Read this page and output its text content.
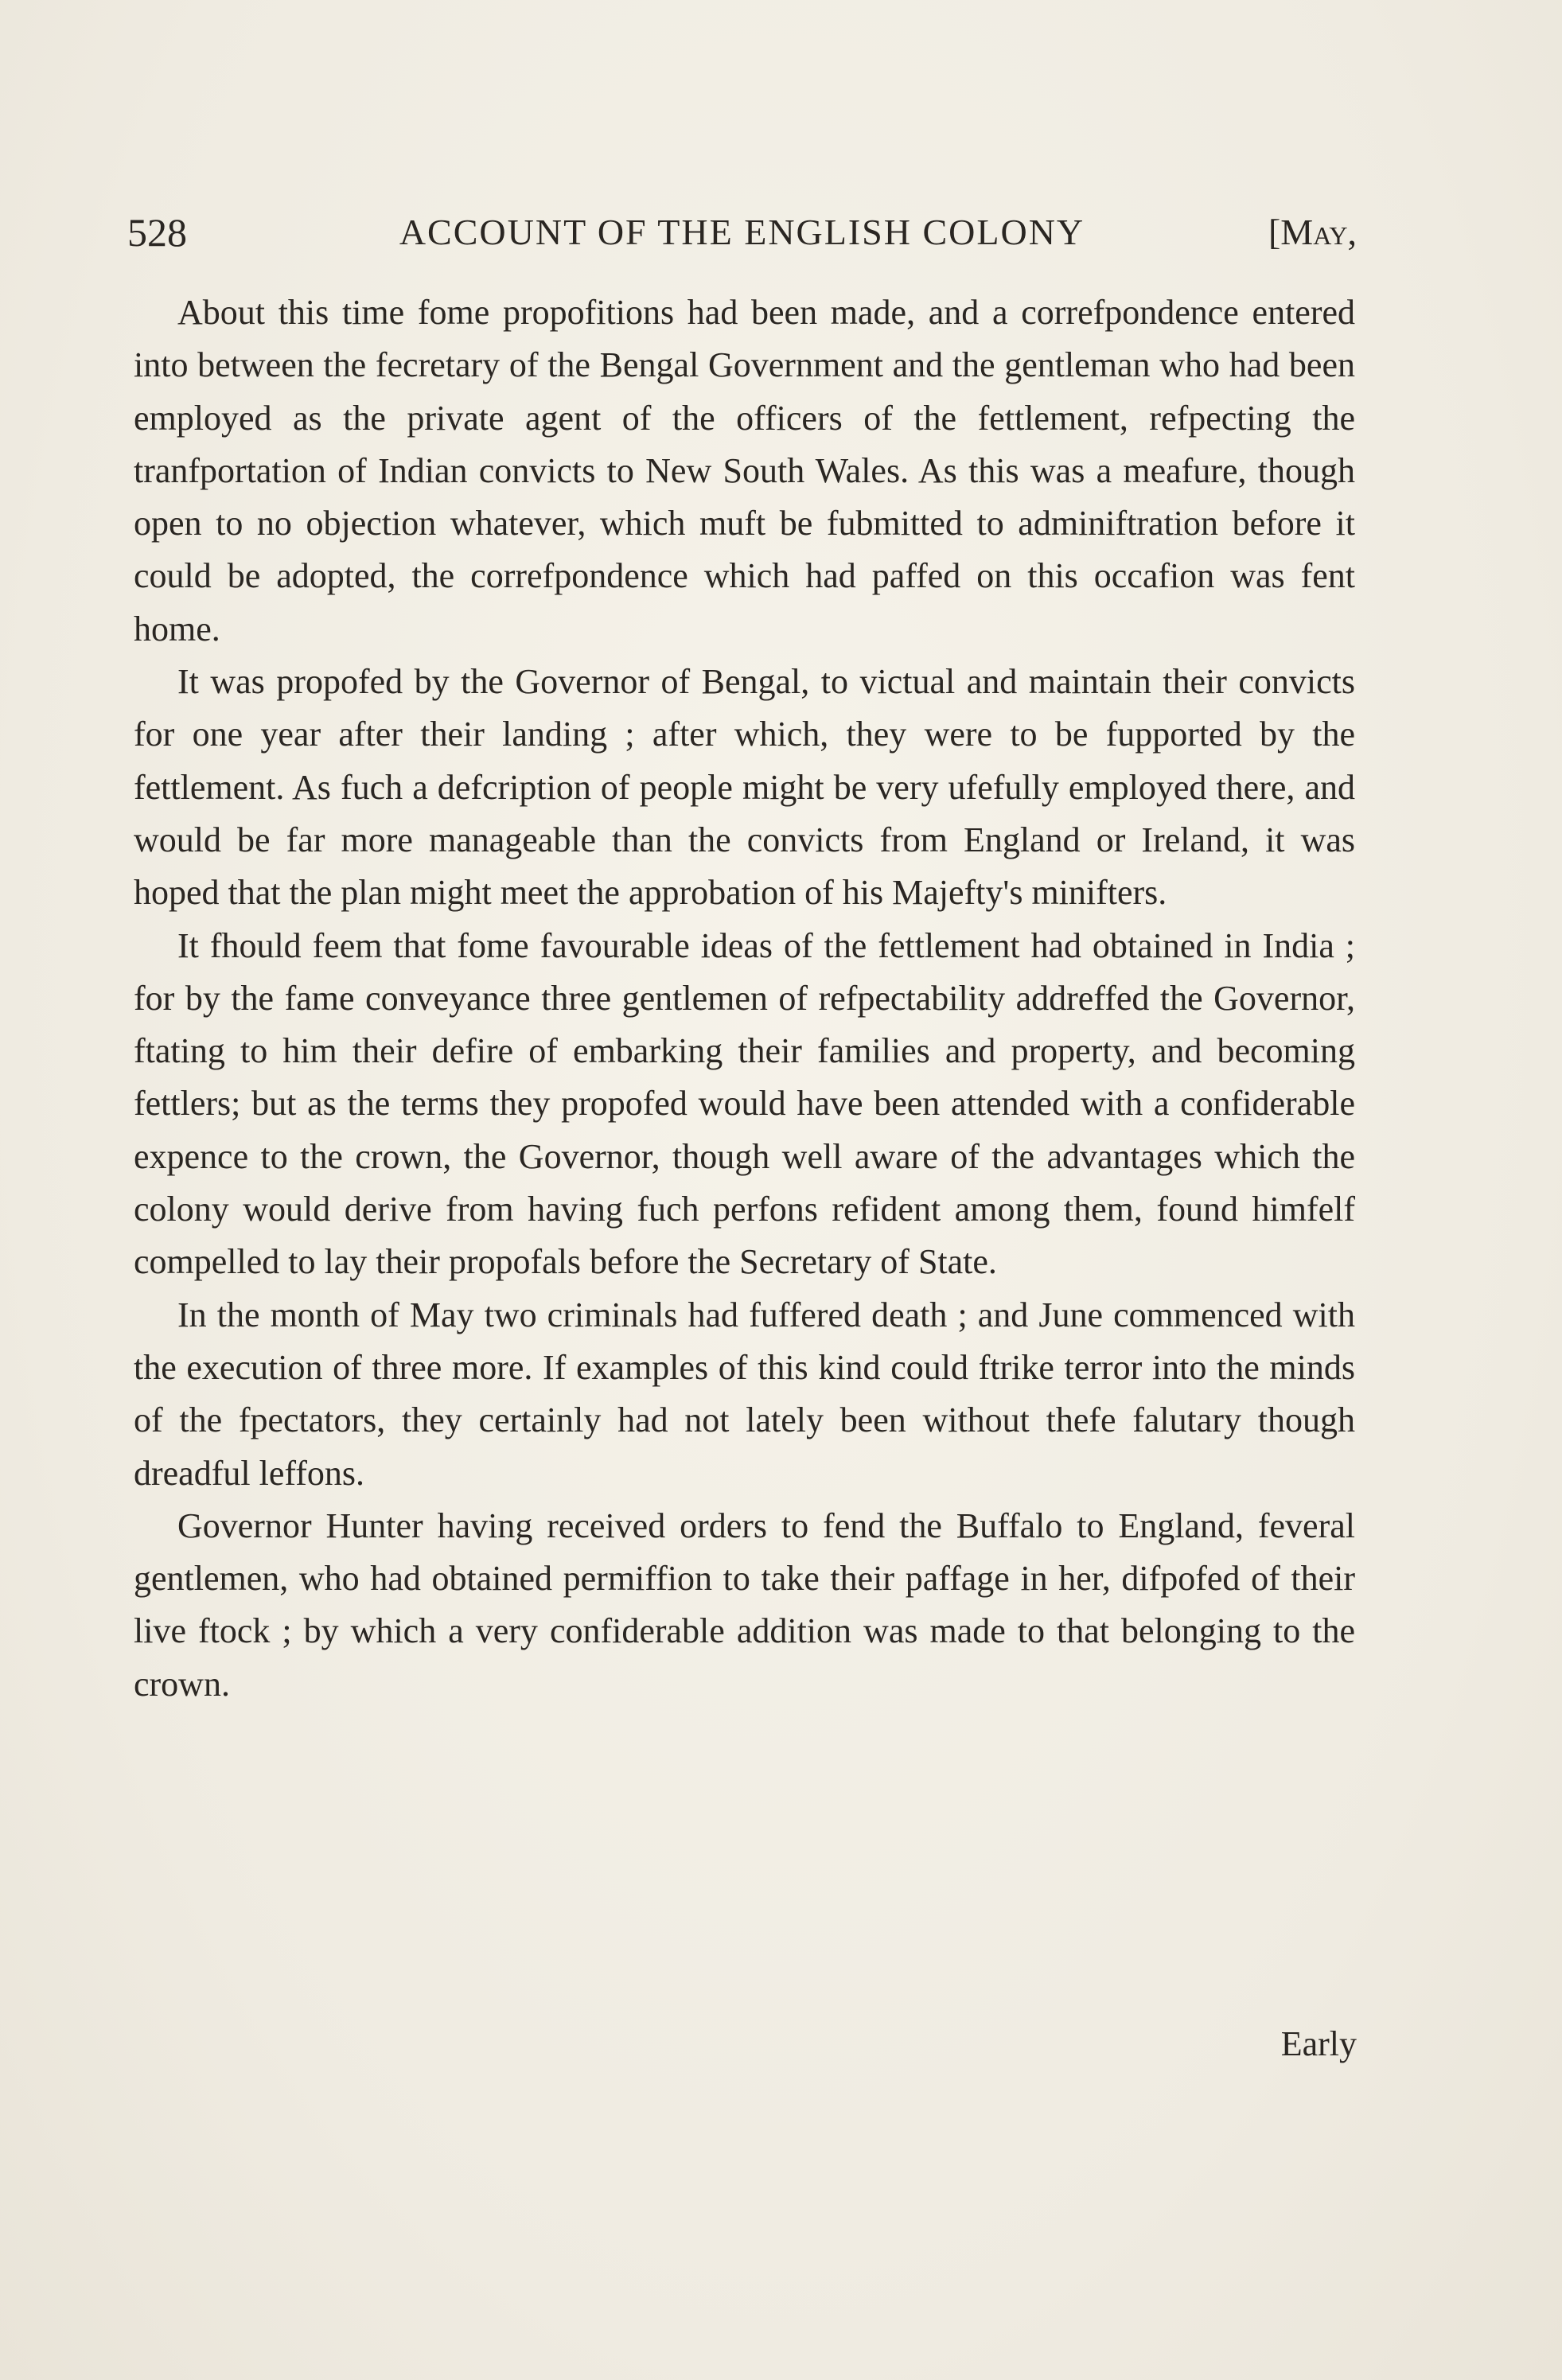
528	ACCOUNT OF THE ENGLISH COLONY	[May,

About this time fome propofitions had been made, and a correfpondence entered into between the fecretary of the Bengal Government and the gentleman who had been employed as the private agent of the officers of the fettlement, refpecting the tranfportation of Indian convicts to New South Wales. As this was a meafure, though open to no objection whatever, which muft be fubmitted to adminiftration before it could be adopted, the correfpondence which had paffed on this occafion was fent home.

It was propofed by the Governor of Bengal, to victual and maintain their convicts for one year after their landing ; after which, they were to be fupported by the fettlement. As fuch a defcription of people might be very ufefully employed there, and would be far more manageable than the convicts from England or Ireland, it was hoped that the plan might meet the approbation of his Majefty's minifters.

It fhould feem that fome favourable ideas of the fettlement had obtained in India ; for by the fame conveyance three gentlemen of refpectability addreffed the Governor, ftating to him their defire of embarking their families and property, and becoming fettlers; but as the terms they propofed would have been attended with a confiderable expence to the crown, the Governor, though well aware of the advantages which the colony would derive from having fuch perfons refident among them, found himfelf compelled to lay their propofals before the Secretary of State.

In the month of May two criminals had fuffered death ; and June commenced with the execution of three more. If examples of this kind could ftrike terror into the minds of the fpectators, they certainly had not lately been without thefe falutary though dreadful leffons.

Governor Hunter having received orders to fend the Buffalo to England, feveral gentlemen, who had obtained permiffion to take their paffage in her, difpofed of their live ftock ; by which a very confiderable addition was made to that belonging to the crown.

Early
